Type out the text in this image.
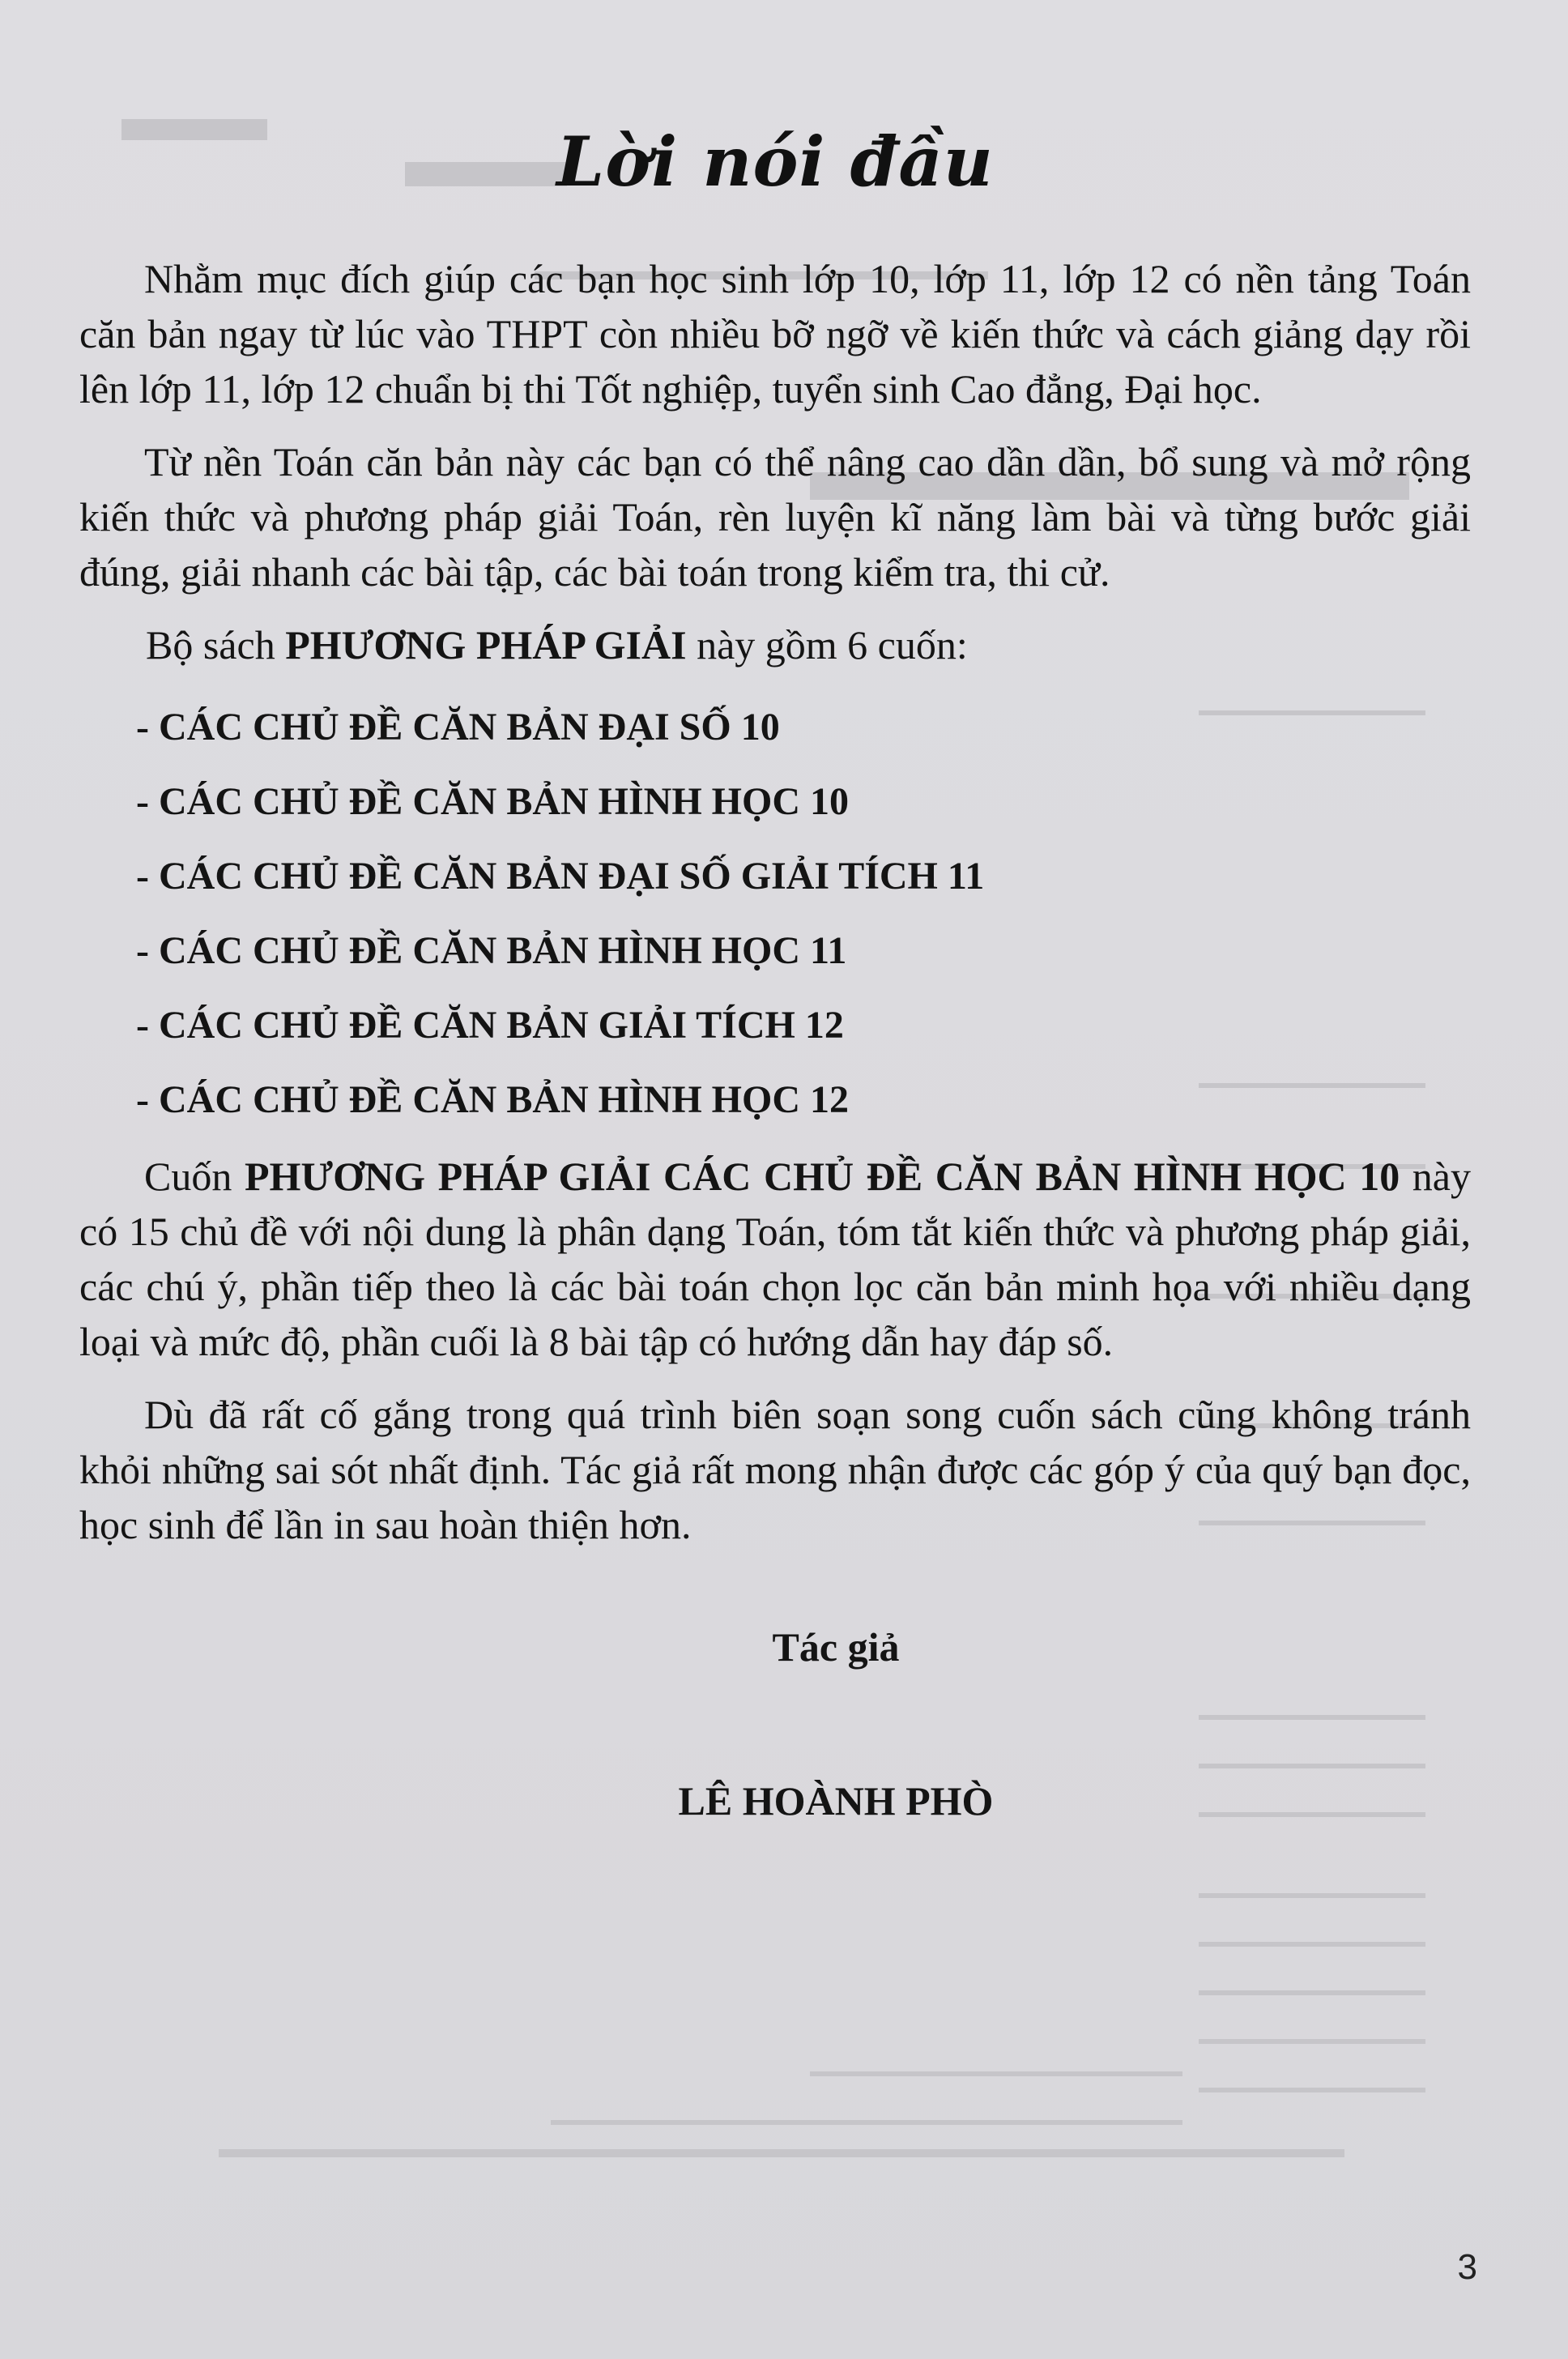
Lời nói đầu

Nhằm mục đích giúp các bạn học sinh lớp 10, lớp 11, lớp 12 có nền tảng Toán căn bản ngay từ lúc vào THPT còn nhiều bỡ ngỡ về kiến thức và cách giảng dạy rồi lên lớp 11, lớp 12 chuẩn bị thi Tốt nghiệp, tuyển sinh Cao đẳng, Đại học.

Từ nền Toán căn bản này các bạn có thể nâng cao dần dần, bổ sung và mở rộng kiến thức và phương pháp giải Toán, rèn luyện kĩ năng làm bài và từng bước giải đúng, giải nhanh các bài tập, các bài toán trong kiểm tra, thi cử.

Bộ sách PHƯƠNG PHÁP GIẢI này gồm 6 cuốn:
- CÁC CHỦ ĐỀ CĂN BẢN ĐẠI SỐ 10
- CÁC CHỦ ĐỀ CĂN BẢN HÌNH HỌC 10
- CÁC CHỦ ĐỀ CĂN BẢN ĐẠI SỐ GIẢI TÍCH 11
- CÁC CHỦ ĐỀ CĂN BẢN HÌNH HỌC 11
- CÁC CHỦ ĐỀ CĂN BẢN GIẢI TÍCH 12
- CÁC CHỦ ĐỀ CĂN BẢN HÌNH HỌC 12

Cuốn PHƯƠNG PHÁP GIẢI CÁC CHỦ ĐỀ CĂN BẢN HÌNH HỌC 10 này có 15 chủ đề với nội dung là phân dạng Toán, tóm tắt kiến thức và phương pháp giải, các chú ý, phần tiếp theo là các bài toán chọn lọc căn bản minh họa với nhiều dạng loại và mức độ, phần cuối là 8 bài tập có hướng dẫn hay đáp số.

Dù đã rất cố gắng trong quá trình biên soạn song cuốn sách cũng không tránh khỏi những sai sót nhất định. Tác giả rất mong nhận được các góp ý của quý bạn đọc, học sinh để lần in sau hoàn thiện hơn.

Tác giả
LÊ HOÀNH PHÒ
3
